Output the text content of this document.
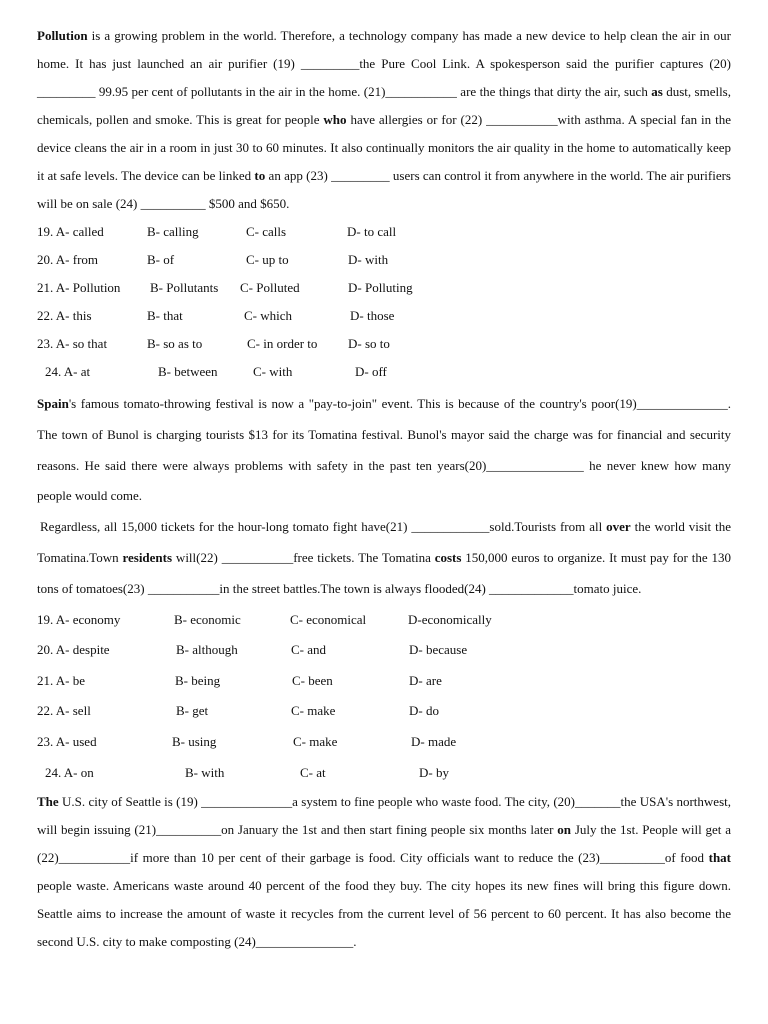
Pollution is a growing problem in the world. Therefore, a technology company has made a new device to help clean the air in our home. It has just launched an air purifier (19) _________the Pure Cool Link. A spokesperson said the purifier captures (20) _________ 99.95 per cent of pollutants in the air in the home. (21)___________ are the things that dirty the air, such as dust, smells, chemicals, pollen and smoke. This is great for people who have allergies or for (22) ___________with asthma. A special fan in the device cleans the air in a room in just 30 to 60 minutes. It also continually monitors the air quality in the home to automatically keep it at safe levels. The device can be linked to an app (23) _________ users can control it from anywhere in the world. The air purifiers will be on sale (24) __________ $500 and $650.

19. A- called	B- calling	C- calls	D- to call
20. A- from	B- of	C- up to	D- with
21. A- Pollution B- Pollutants C- Polluted	D- Polluting
22. A- this	B- that	C- which	D- those
23. A- so that	B- so as to	C- in order to D- so to
24. A- at	B- between	C- with	D- off

Spain's famous tomato-throwing festival is now a "pay-to-join" event. This is because of the country's poor(19)______________. The town of Bunol is charging tourists $13 for its Tomatina festival. Bunol's mayor said the charge was for financial and security reasons. He said there were always problems with safety in the past ten years(20)_______________ he never knew how many people would come.

Regardless, all 15,000 tickets for the hour-long tomato fight have(21) ____________sold.Tourists from all over the world visit the Tomatina.Town residents will(22) ___________free tickets. The Tomatina costs 150,000 euros to organize. It must pay for the 130 tons of tomatoes(23) ___________in the street battles.The town is always flooded(24) _____________tomato juice.

19. A- economy	B- economic	C- economical	D-economically
20. A- despite	B- although	C- and	D- because
21. A- be	B- being	C- been	D- are
22. A- sell	B- get	C- make	D- do
23. A- used	B- using	C- make	D- made
24. A- on	B- with	C- at	D- by

The U.S. city of Seattle is (19) ______________a system to fine people who waste food. The city, (20)_______the USA's northwest, will begin issuing (21)__________on January the 1st and then start fining people six months later on July the 1st. People will get a (22)___________if more than 10 per cent of their garbage is food. City officials want to reduce the (23)__________of food that people waste. Americans waste around 40 percent of the food they buy. The city hopes its new fines will bring this figure down. Seattle aims to increase the amount of waste it recycles from the current level of 56 percent to 60 percent. It has also become the second U.S. city to make composting (24)_______________.
